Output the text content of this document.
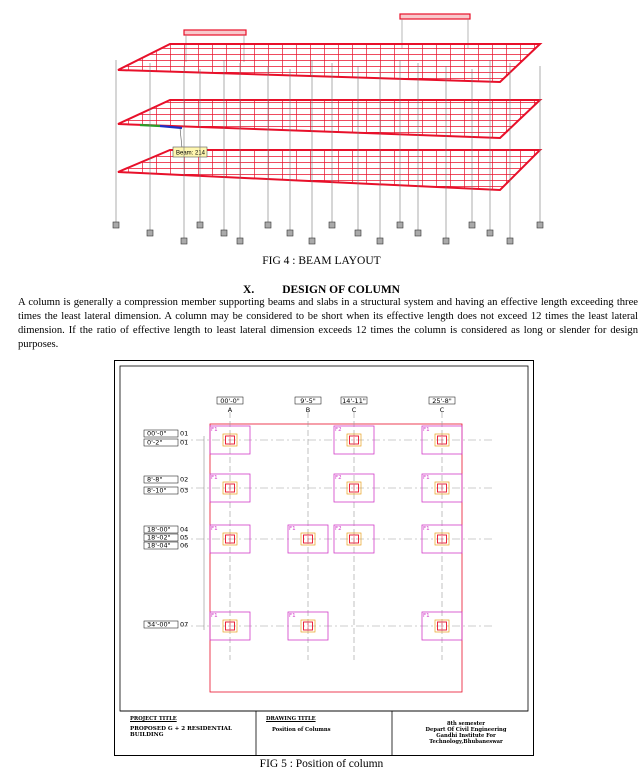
Beam: 214
FIG 4 : BEAM LAYOUT
X. DESIGN OF COLUMN
A column is generally a compression member supporting beams and slabs in a structural system and having an effective length exceeding three times the least lateral dimension. A column may be considered to be short when its effective length does not exceed 12 times the least lateral dimension. If the ratio of effective length to least lateral dimension exceeds 12 times the column is considered as long or slender for design purposes.
00'-0"
A
9'-5"
B
14'-11"
C
25'-8"
C
00'-0" 01
0'-2"	01
8'-8"	02
8'-10" 03
18'-00" 04
18'-02" 05
18'-04" 06
34'-00" 07
F1	F2	F1
F1	F2	F1
F1	F1	F2	F1
F1	F1	F1
PROJECT TITLE
PROPOSED G + 2 RESIDENTIAL BUILDING
DRAWING TITLE
Position of Columns
8th semester
Depart Of Civil Engineering
Gandhi Institute For
Technology,Bhubaneswar
FIG 5 : Position of column
